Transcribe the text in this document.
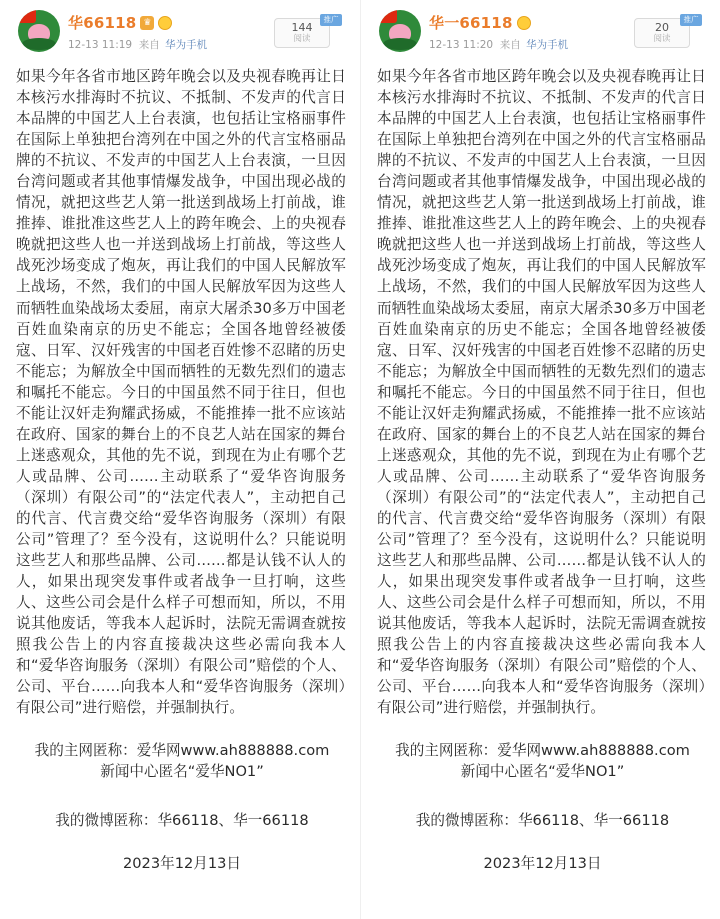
★
华66118 ♛
12-13 11:19 来自 华为手机
144
阅读
推广
如果今年各省市地区跨年晚会以及央视春晚再让日本核污水排海时不抗议、不抵制、不发声的代言日本品牌的中国艺人上台表演，也包括让宝格丽事件在国际上单独把台湾列在中国之外的代言宝格丽品牌的不抗议、不发声的中国艺人上台表演，一旦因台湾问题或者其他事情爆发战争，中国出现必战的情况，就把这些艺人第一批送到战场上打前战，谁推捧、谁批准这些艺人上的跨年晚会、上的央视春晚就把这些人也一并送到战场上打前战，等这些人战死沙场变成了炮灰，再让我们的中国人民解放军上战场，不然，我们的中国人民解放军因为这些人而牺牲血染战场太委屈，南京大屠杀30多万中国老百姓血染南京的历史不能忘；全国各地曾经被倭寇、日军、汉奸残害的中国老百姓惨不忍睹的历史不能忘；为解放全中国而牺牲的无数先烈们的遗志和嘱托不能忘。今日的中国虽然不同于往日，但也不能让汉奸走狗耀武扬威，不能推捧一批不应该站在政府、国家的舞台上的不良艺人站在国家的舞台上迷惑观众，其他的先不说，到现在为止有哪个艺人或品牌、公司……主动联系了“爱华咨询服务（深圳）有限公司”的“法定代表人”，主动把自己的代言、代言费交给“爱华咨询服务（深圳）有限公司”管理了？至今没有，这说明什么？只能说明这些艺人和那些品牌、公司……都是认钱不认人的人，如果出现突发事件或者战争一旦打响，这些人、这些公司会是什么样子可想而知，所以，不用说其他废话，等我本人起诉时，法院无需调查就按照我公告上的内容直接裁决这些必需向我本人和“爱华咨询服务（深圳）有限公司”赔偿的个人、公司、平台……向我本人和“爱华咨询服务（深圳）有限公司”进行赔偿，并强制执行。
我的主网匿称：爱华网www.ah888888.com
新闻中心匿名“爱华NO1”
我的微博匿称：华66118、华一66118
2023年12月13日
★
华一66118
12-13 11:20 来自 华为手机
20
阅读
推广
如果今年各省市地区跨年晚会以及央视春晚再让日本核污水排海时不抗议、不抵制、不发声的代言日本品牌的中国艺人上台表演，也包括让宝格丽事件在国际上单独把台湾列在中国之外的代言宝格丽品牌的不抗议、不发声的中国艺人上台表演，一旦因台湾问题或者其他事情爆发战争，中国出现必战的情况，就把这些艺人第一批送到战场上打前战，谁推捧、谁批准这些艺人上的跨年晚会、上的央视春晚就把这些人也一并送到战场上打前战，等这些人战死沙场变成了炮灰，再让我们的中国人民解放军上战场，不然，我们的中国人民解放军因为这些人而牺牲血染战场太委屈，南京大屠杀30多万中国老百姓血染南京的历史不能忘；全国各地曾经被倭寇、日军、汉奸残害的中国老百姓惨不忍睹的历史不能忘；为解放全中国而牺牲的无数先烈们的遗志和嘱托不能忘。今日的中国虽然不同于往日，但也不能让汉奸走狗耀武扬威，不能推捧一批不应该站在政府、国家的舞台上的不良艺人站在国家的舞台上迷惑观众，其他的先不说，到现在为止有哪个艺人或品牌、公司……主动联系了“爱华咨询服务（深圳）有限公司”的“法定代表人”，主动把自己的代言、代言费交给“爱华咨询服务（深圳）有限公司”管理了？至今没有，这说明什么？只能说明这些艺人和那些品牌、公司……都是认钱不认人的人，如果出现突发事件或者战争一旦打响，这些人、这些公司会是什么样子可想而知，所以，不用说其他废话，等我本人起诉时，法院无需调查就按照我公告上的内容直接裁决这些必需向我本人和“爱华咨询服务（深圳）有限公司”赔偿的个人、公司、平台……向我本人和“爱华咨询服务（深圳）有限公司”进行赔偿，并强制执行。
我的主网匿称：爱华网www.ah888888.com
新闻中心匿名“爱华NO1”
我的微博匿称：华66118、华一66118
2023年12月13日
